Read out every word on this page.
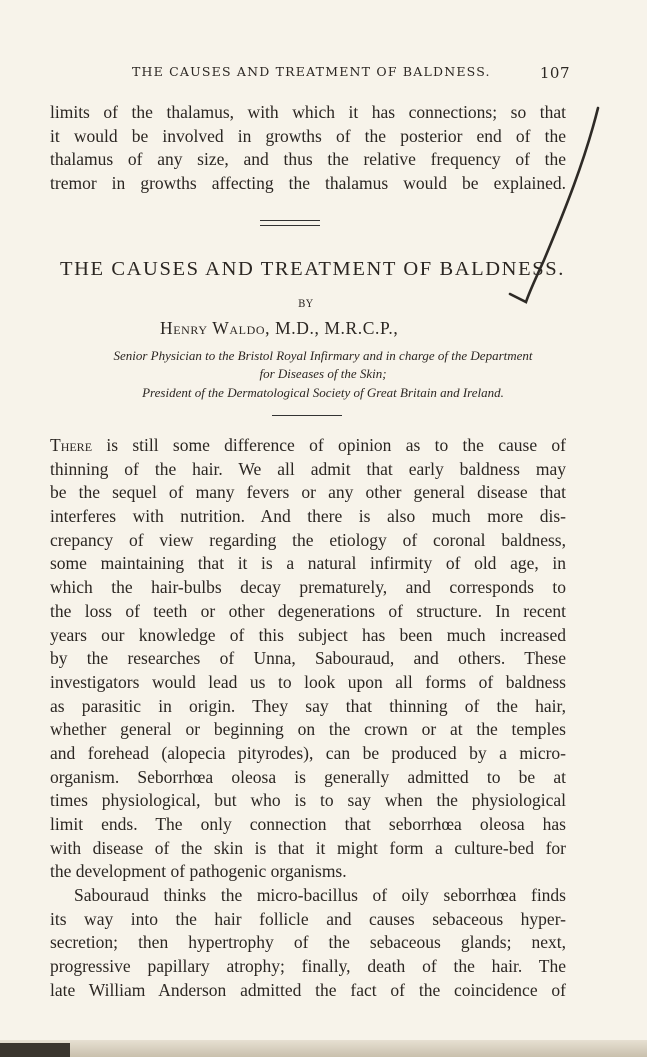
THE CAUSES AND TREATMENT OF BALDNESS.	107
limits of the thalamus, with which it has connections; so that
it would be involved in growths of the posterior end of the
thalamus of any size, and thus the relative frequency of the
tremor in growths affecting the thalamus would be explained.
THE CAUSES AND TREATMENT OF BALDNESS.
BY
Henry Waldo, M.D., M.R.C.P.,
Senior Physician to the Bristol Royal Infirmary and in charge of the Department
for Diseases of the Skin;
President of the Dermatological Society of Great Britain and Ireland.
There is still some difference of opinion as to the cause of
thinning of the hair. We all admit that early baldness may
be the sequel of many fevers or any other general disease that
interferes with nutrition. And there is also much more dis-
crepancy of view regarding the etiology of coronal baldness,
some maintaining that it is a natural infirmity of old age, in
which the hair-bulbs decay prematurely, and corresponds to
the loss of teeth or other degenerations of structure. In recent
years our knowledge of this subject has been much increased
by the researches of Unna, Sabouraud, and others. These
investigators would lead us to look upon all forms of baldness
as parasitic in origin. They say that thinning of the hair,
whether general or beginning on the crown or at the temples
and forehead (alopecia pityrodes), can be produced by a micro-
organism. Seborrhœa oleosa is generally admitted to be at
times physiological, but who is to say when the physiological
limit ends. The only connection that seborrhœa oleosa has
with disease of the skin is that it might form a culture-bed for
the development of pathogenic organisms.
Sabouraud thinks the micro-bacillus of oily seborrhœa finds
its way into the hair follicle and causes sebaceous hyper-
secretion; then hypertrophy of the sebaceous glands; next,
progressive papillary atrophy; finally, death of the hair. The
late William Anderson admitted the fact of the coincidence of
